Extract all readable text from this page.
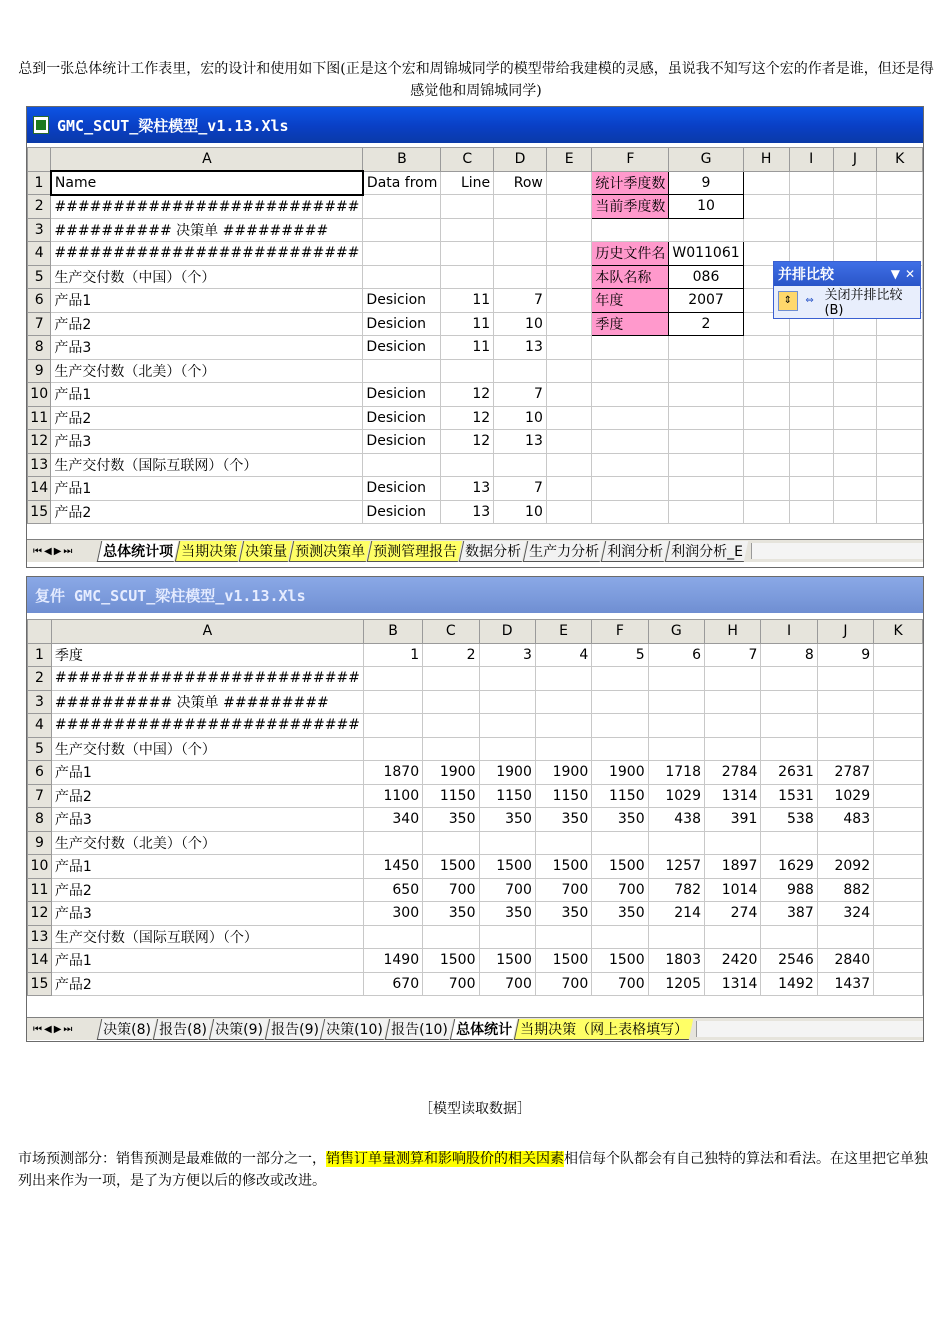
总到一张总体统计工作表里，宏的设计和使用如下图(正是这个宏和周锦城同学的模型带给我建模的灵感，虽说我不知写这个宏的作者是谁，但还是得感觉他和周锦城同学)
GMC_SCUT_梁柱模型_v1.13.Xls
	A	B	C	D	E	F	G	H	I	J	K
1	Name	Data from	Line	Row		统计季度数	9				
2	##########################					当前季度数	10				
3	########## 决策单 #########										
4	##########################					历史文件名	W011061				
5	生产交付数（中国）（个）					本队名称	086				
6	产品1	Desicion	11	7		年度	2007				
7	产品2	Desicion	11	10		季度	2				
8	产品3	Desicion	11	13							
9	生产交付数（北美）（个）										
10	产品1	Desicion	12	7							
11	产品2	Desicion	12	10							
12	产品3	Desicion	12	13							
13	生产交付数（国际互联网）（个）										
14	产品1	Desicion	13	7							
15	产品2	Desicion	13	10							
⏮◀▶⏭	总体统计项 当期决策 决策量 预测决策单 预测管理报告 数据分析 生产力分析 利润分析 利润分析_E
并排比较	▼ ✕
⇕	⇔ 关闭并排比较(B)
复件 GMC_SCUT_梁柱模型_v1.13.Xls
	A	B	C	D	E	F	G	H	I	J	K
1	季度	1	2	3	4	5	6	7	8	9	
2	##########################										
3	########## 决策单 #########										
4	##########################										
5	生产交付数（中国）（个）										
6	产品1	1870	1900	1900	1900	1900	1718	2784	2631	2787	
7	产品2	1100	1150	1150	1150	1150	1029	1314	1531	1029	
8	产品3	340	350	350	350	350	438	391	538	483	
9	生产交付数（北美）（个）										
10	产品1	1450	1500	1500	1500	1500	1257	1897	1629	2092	
11	产品2	650	700	700	700	700	782	1014	988	882	
12	产品3	300	350	350	350	350	214	274	387	324	
13	生产交付数（国际互联网）（个）										
14	产品1	1490	1500	1500	1500	1500	1803	2420	2546	2840	
15	产品2	670	700	700	700	700	1205	1314	1492	1437	
⏮◀▶⏭	决策(8) 报告(8) 决策(9) 报告(9) 决策(10) 报告(10) 总体统计 当期决策（网上表格填写）
［模型读取数据］
市场预测部分：销售预测是最难做的一部分之一，销售订单量测算和影响股价的相关因素相信每个队都会有自己独特的算法和看法。在这里把它单独列出来作为一项，是了为方便以后的修改或改进。
